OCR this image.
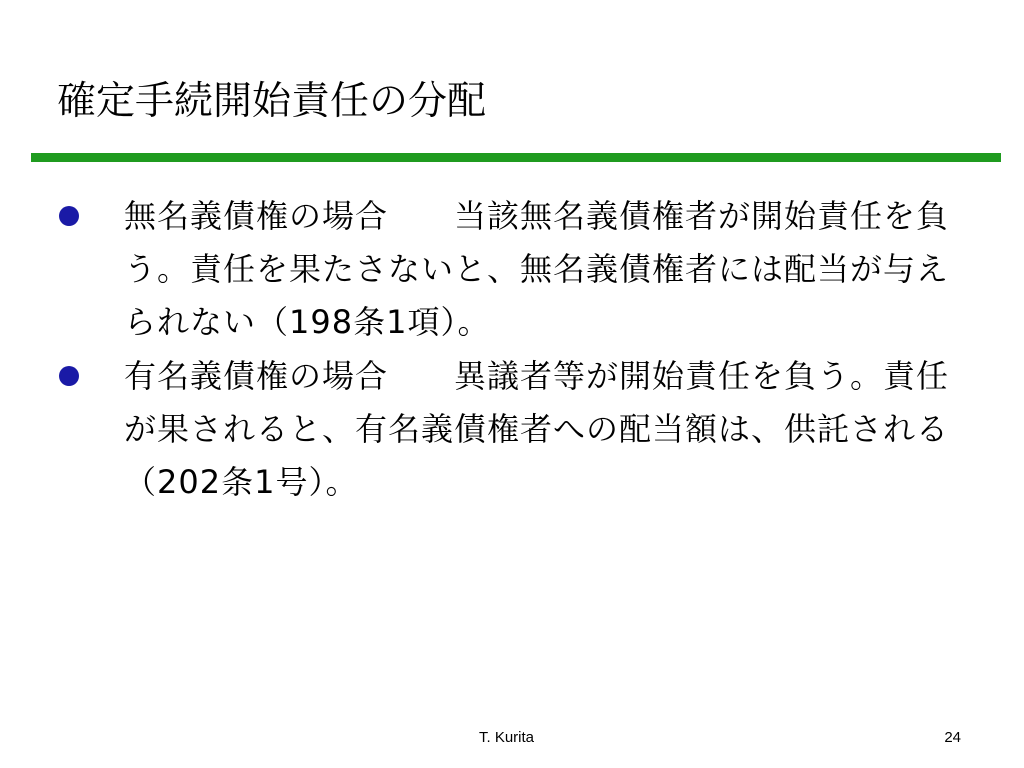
確定手続開始責任の分配
無名義債権の場合　　当該無名義債権者が開始責任を負う。責任を果たさないと、無名義債権者には配当が与えられない（198条1項）。
有名義債権の場合　　異議者等が開始責任を負う。責任が果されると、有名義債権者への配当額は、供託される（202条1号）。
T. Kurita	24
